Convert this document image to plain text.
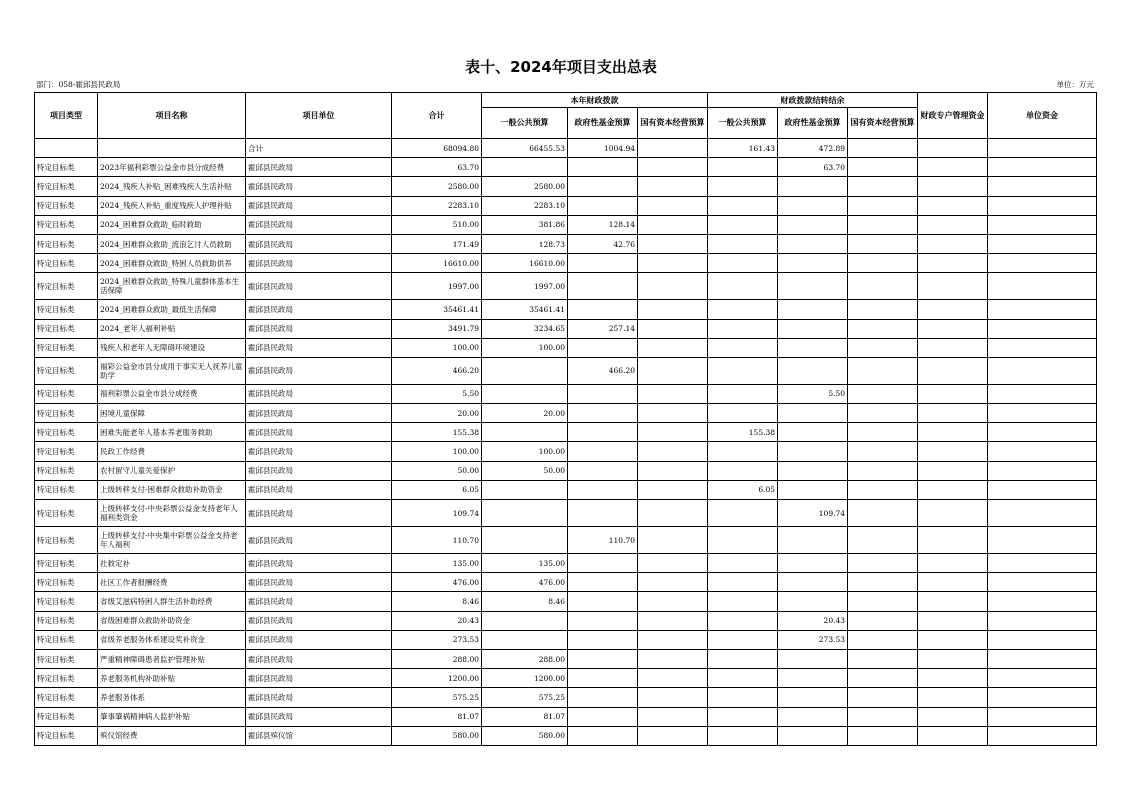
表十、2024年项目支出总表
部门：058-霍邱县民政局	单位：万元
项目类型	项目名称	项目单位	合计	本年财政拨款			财政拨款结转结余			财政专户管理资金	单位资金
				一般公共预算	政府性基金预算	国有资本经营预算	一般公共预算	政府性基金预算	国有资本经营预算		
		合计	68094.80	66455.53	1004.94		161.43	472.89			
特定目标类	2023年福利彩票公益金市县分成经费	霍邱县民政局	63.70					63.70			
特定目标类	2024_残疾人补贴_困难残疾人生活补贴	霍邱县民政局	2580.00	2580.00							
特定目标类	2024_残疾人补贴_重度残疾人护理补贴	霍邱县民政局	2283.10	2283.10							
特定目标类	2024_困难群众救助_临时救助	霍邱县民政局	510.00	381.86	128.14						
特定目标类	2024_困难群众救助_流浪乞讨人员救助	霍邱县民政局	171.49	128.73	42.76						
特定目标类	2024_困难群众救助_特困人员救助供养	霍邱县民政局	16610.00	16610.00							
特定目标类	2024_困难群众救助_特殊儿童群体基本生活保障	霍邱县民政局	1997.00	1997.00							
特定目标类	2024_困难群众救助_最低生活保障	霍邱县民政局	35461.41	35461.41							
特定目标类	2024_老年人福利补贴	霍邱县民政局	3491.79	3234.65	257.14						
特定目标类	残疾人和老年人无障碍环境建设	霍邱县民政局	100.00	100.00							
特定目标类	福彩公益金市县分成用于事实无人抚养儿童助学	霍邱县民政局	466.20		466.20						
特定目标类	福利彩票公益金市县分成经费	霍邱县民政局	5.50					5.50			
特定目标类	困境儿童保障	霍邱县民政局	20.00	20.00							
特定目标类	困难失能老年人基本养老服务救助	霍邱县民政局	155.38				155.38				
特定目标类	民政工作经费	霍邱县民政局	100.00	100.00							
特定目标类	农村留守儿童关爱保护	霍邱县民政局	50.00	50.00							
特定目标类	上级转移支付-困难群众救助补助资金	霍邱县民政局	6.05				6.05				
特定目标类	上级转移支付-中央彩票公益金支持老年人福利类资金	霍邱县民政局	109.74					109.74			
特定目标类	上级转移支付-中央集中彩票公益金支持老年人福利	霍邱县民政局	110.70		110.70						
特定目标类	社救定补	霍邱县民政局	135.00	135.00							
特定目标类	社区工作者报酬经费	霍邱县民政局	476.00	476.00							
特定目标类	省级艾滋病特困人群生活补助经费	霍邱县民政局	8.46	8.46							
特定目标类	省级困难群众救助补助资金	霍邱县民政局	20.43					20.43			
特定目标类	省级养老服务体系建设奖补资金	霍邱县民政局	273.53					273.53			
特定目标类	严重精神障碍患者监护管理补贴	霍邱县民政局	288.00	288.00							
特定目标类	养老服务机构补助补贴	霍邱县民政局	1200.00	1200.00							
特定目标类	养老服务体系	霍邱县民政局	575.25	575.25							
特定目标类	肇事肇祸精神病人监护补贴	霍邱县民政局	81.07	81.07							
特定目标类	殡仪馆经费	霍邱县殡仪馆	580.00	580.00							
